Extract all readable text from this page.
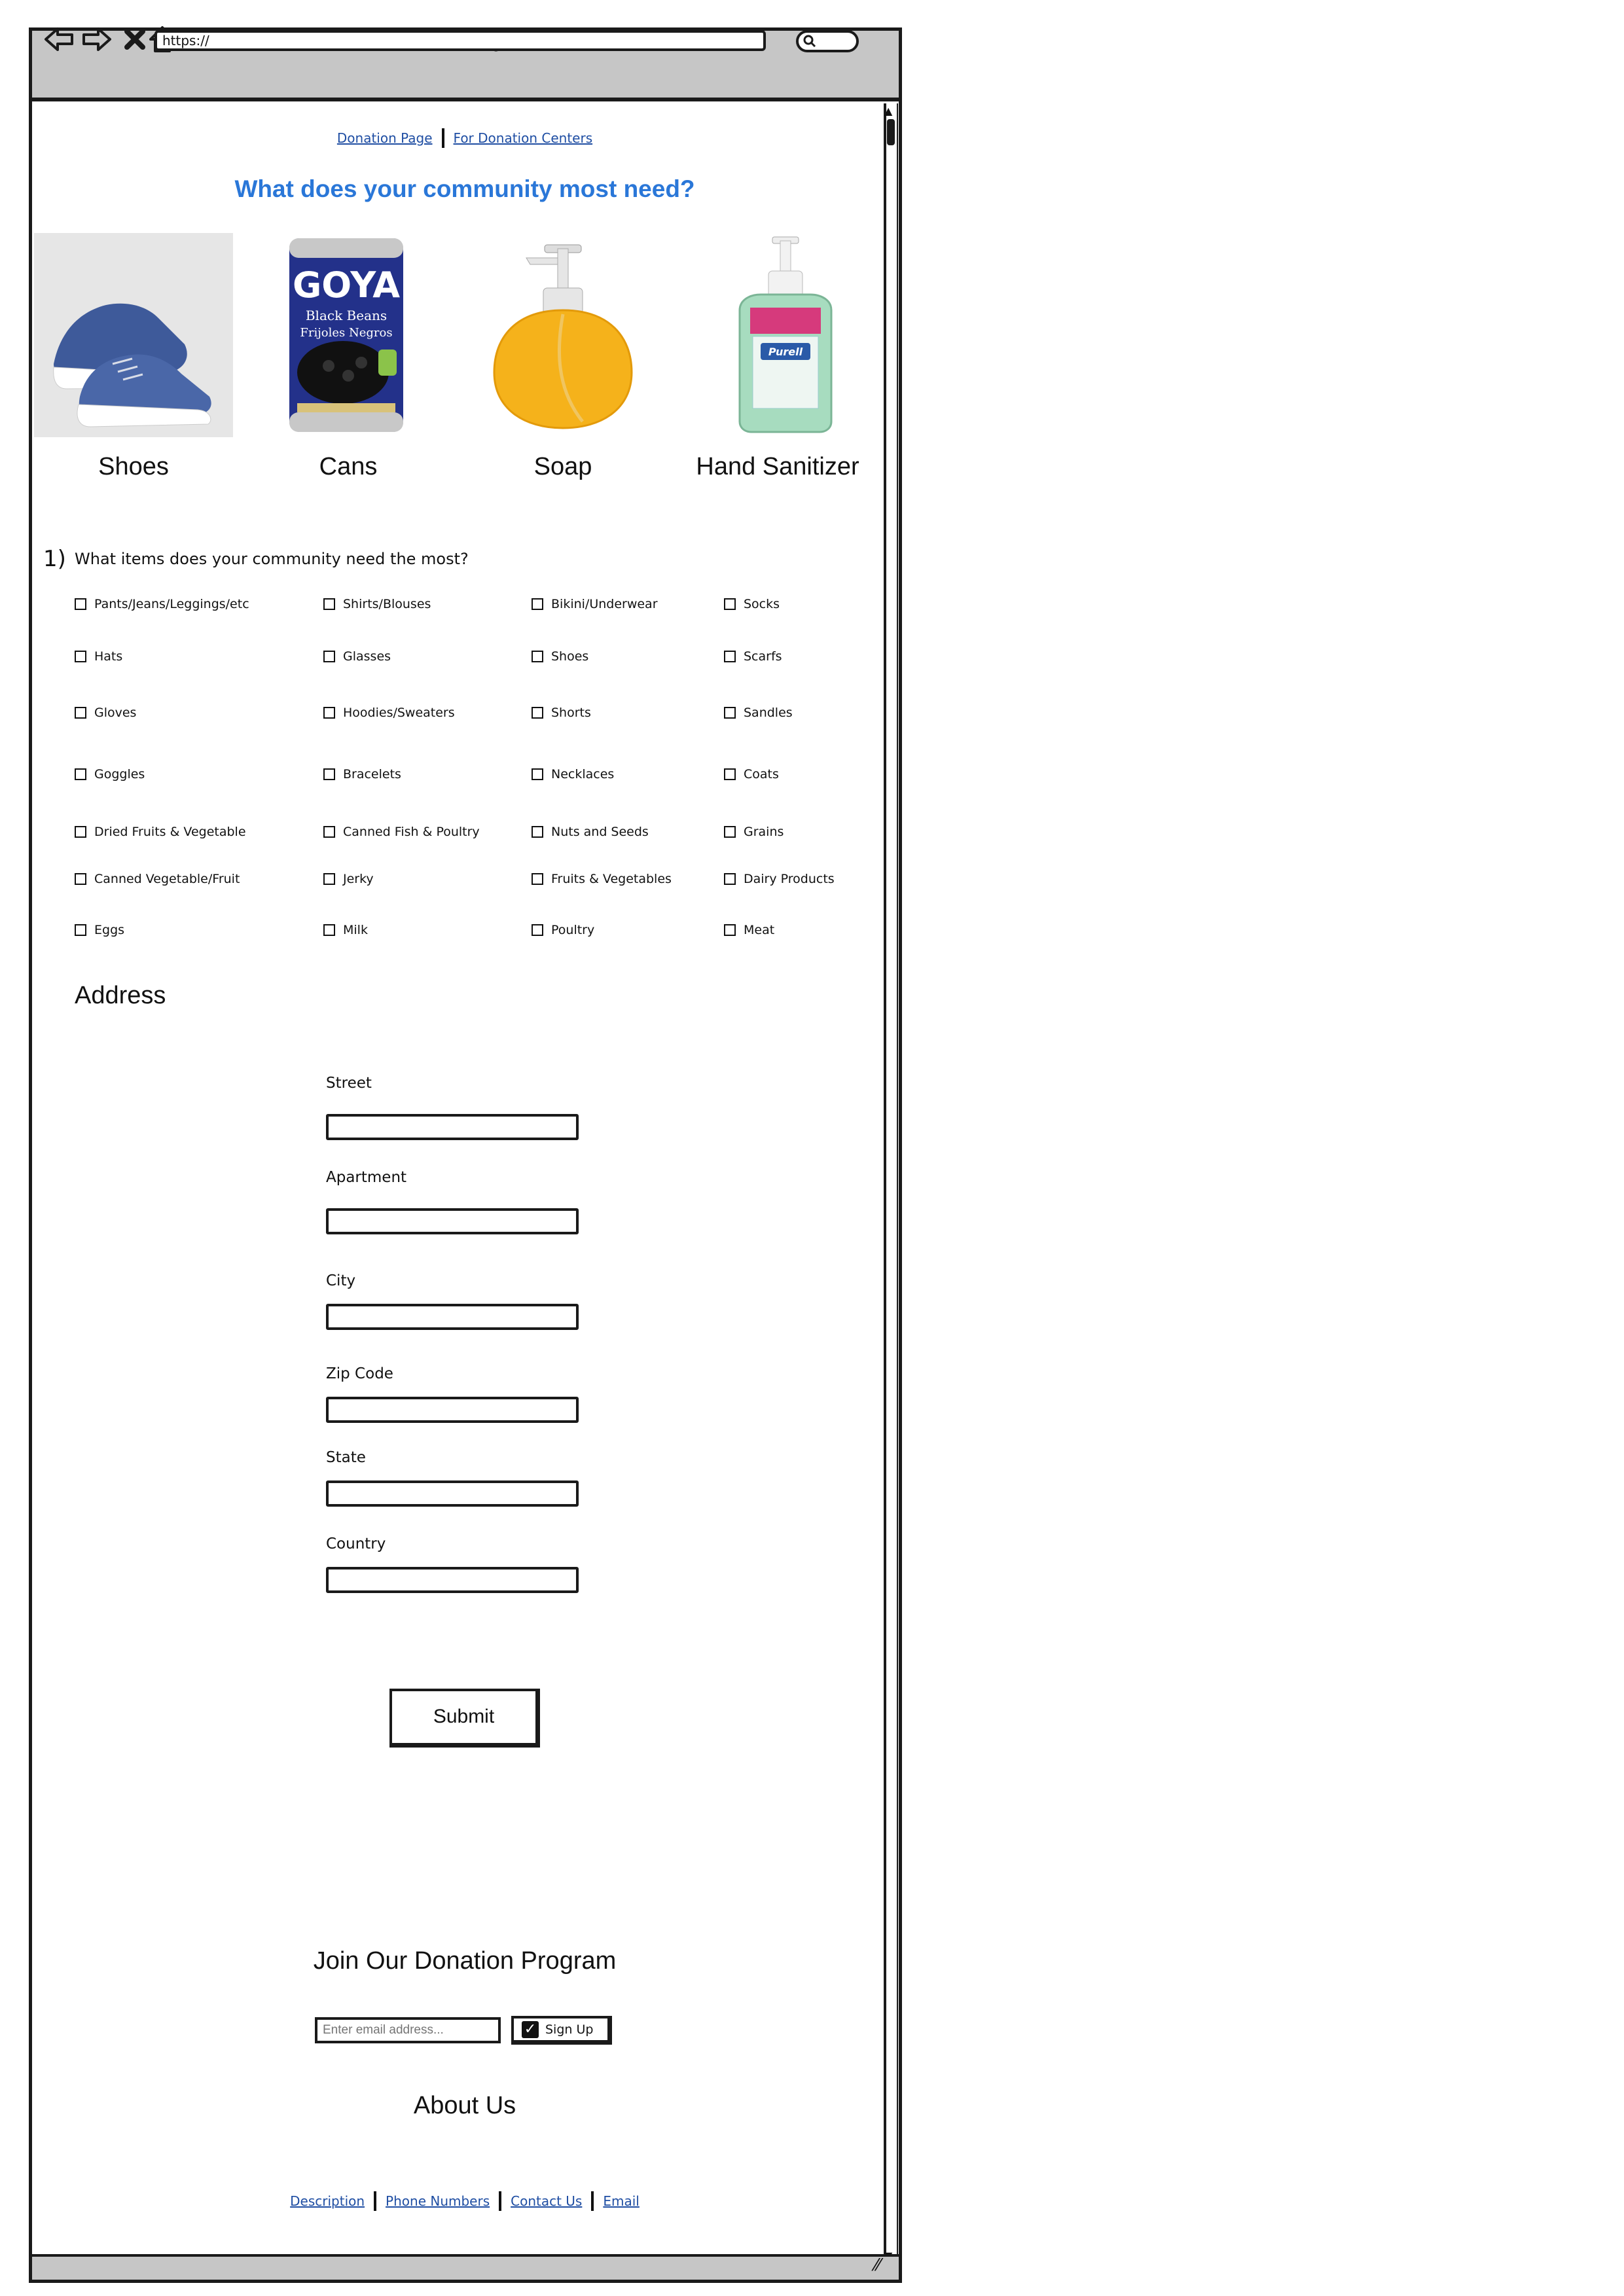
https://
▲
⁄⁄
Donation Page For Donation Centers
What does your community most need?
GOYA
Black Beans
Frijoles Negros
Purell
Shoes	Cans	Soap	Hand Sanitizer
1) What items does your community need the most?
Pants/Jeans/Leggings/etc	Shirts/Blouses	Bikini/Underwear	Socks
Hats	Glasses	Shoes	Scarfs
Gloves	Hoodies/Sweaters	Shorts	Sandles
Goggles	Bracelets	Necklaces	Coats
Dried Fruits & Vegetable	Canned Fish & Poultry	Nuts and Seeds	Grains
Canned Vegetable/Fruit	Jerky	Fruits & Vegetables	Dairy Products
Eggs	Milk	Poultry	Meat
Address
Street
Apartment
City
Zip Code
State
Country
Submit
Join Our Donation Program
Enter email address...
✓ Sign Up
About Us
Description Phone Numbers Contact Us Email
